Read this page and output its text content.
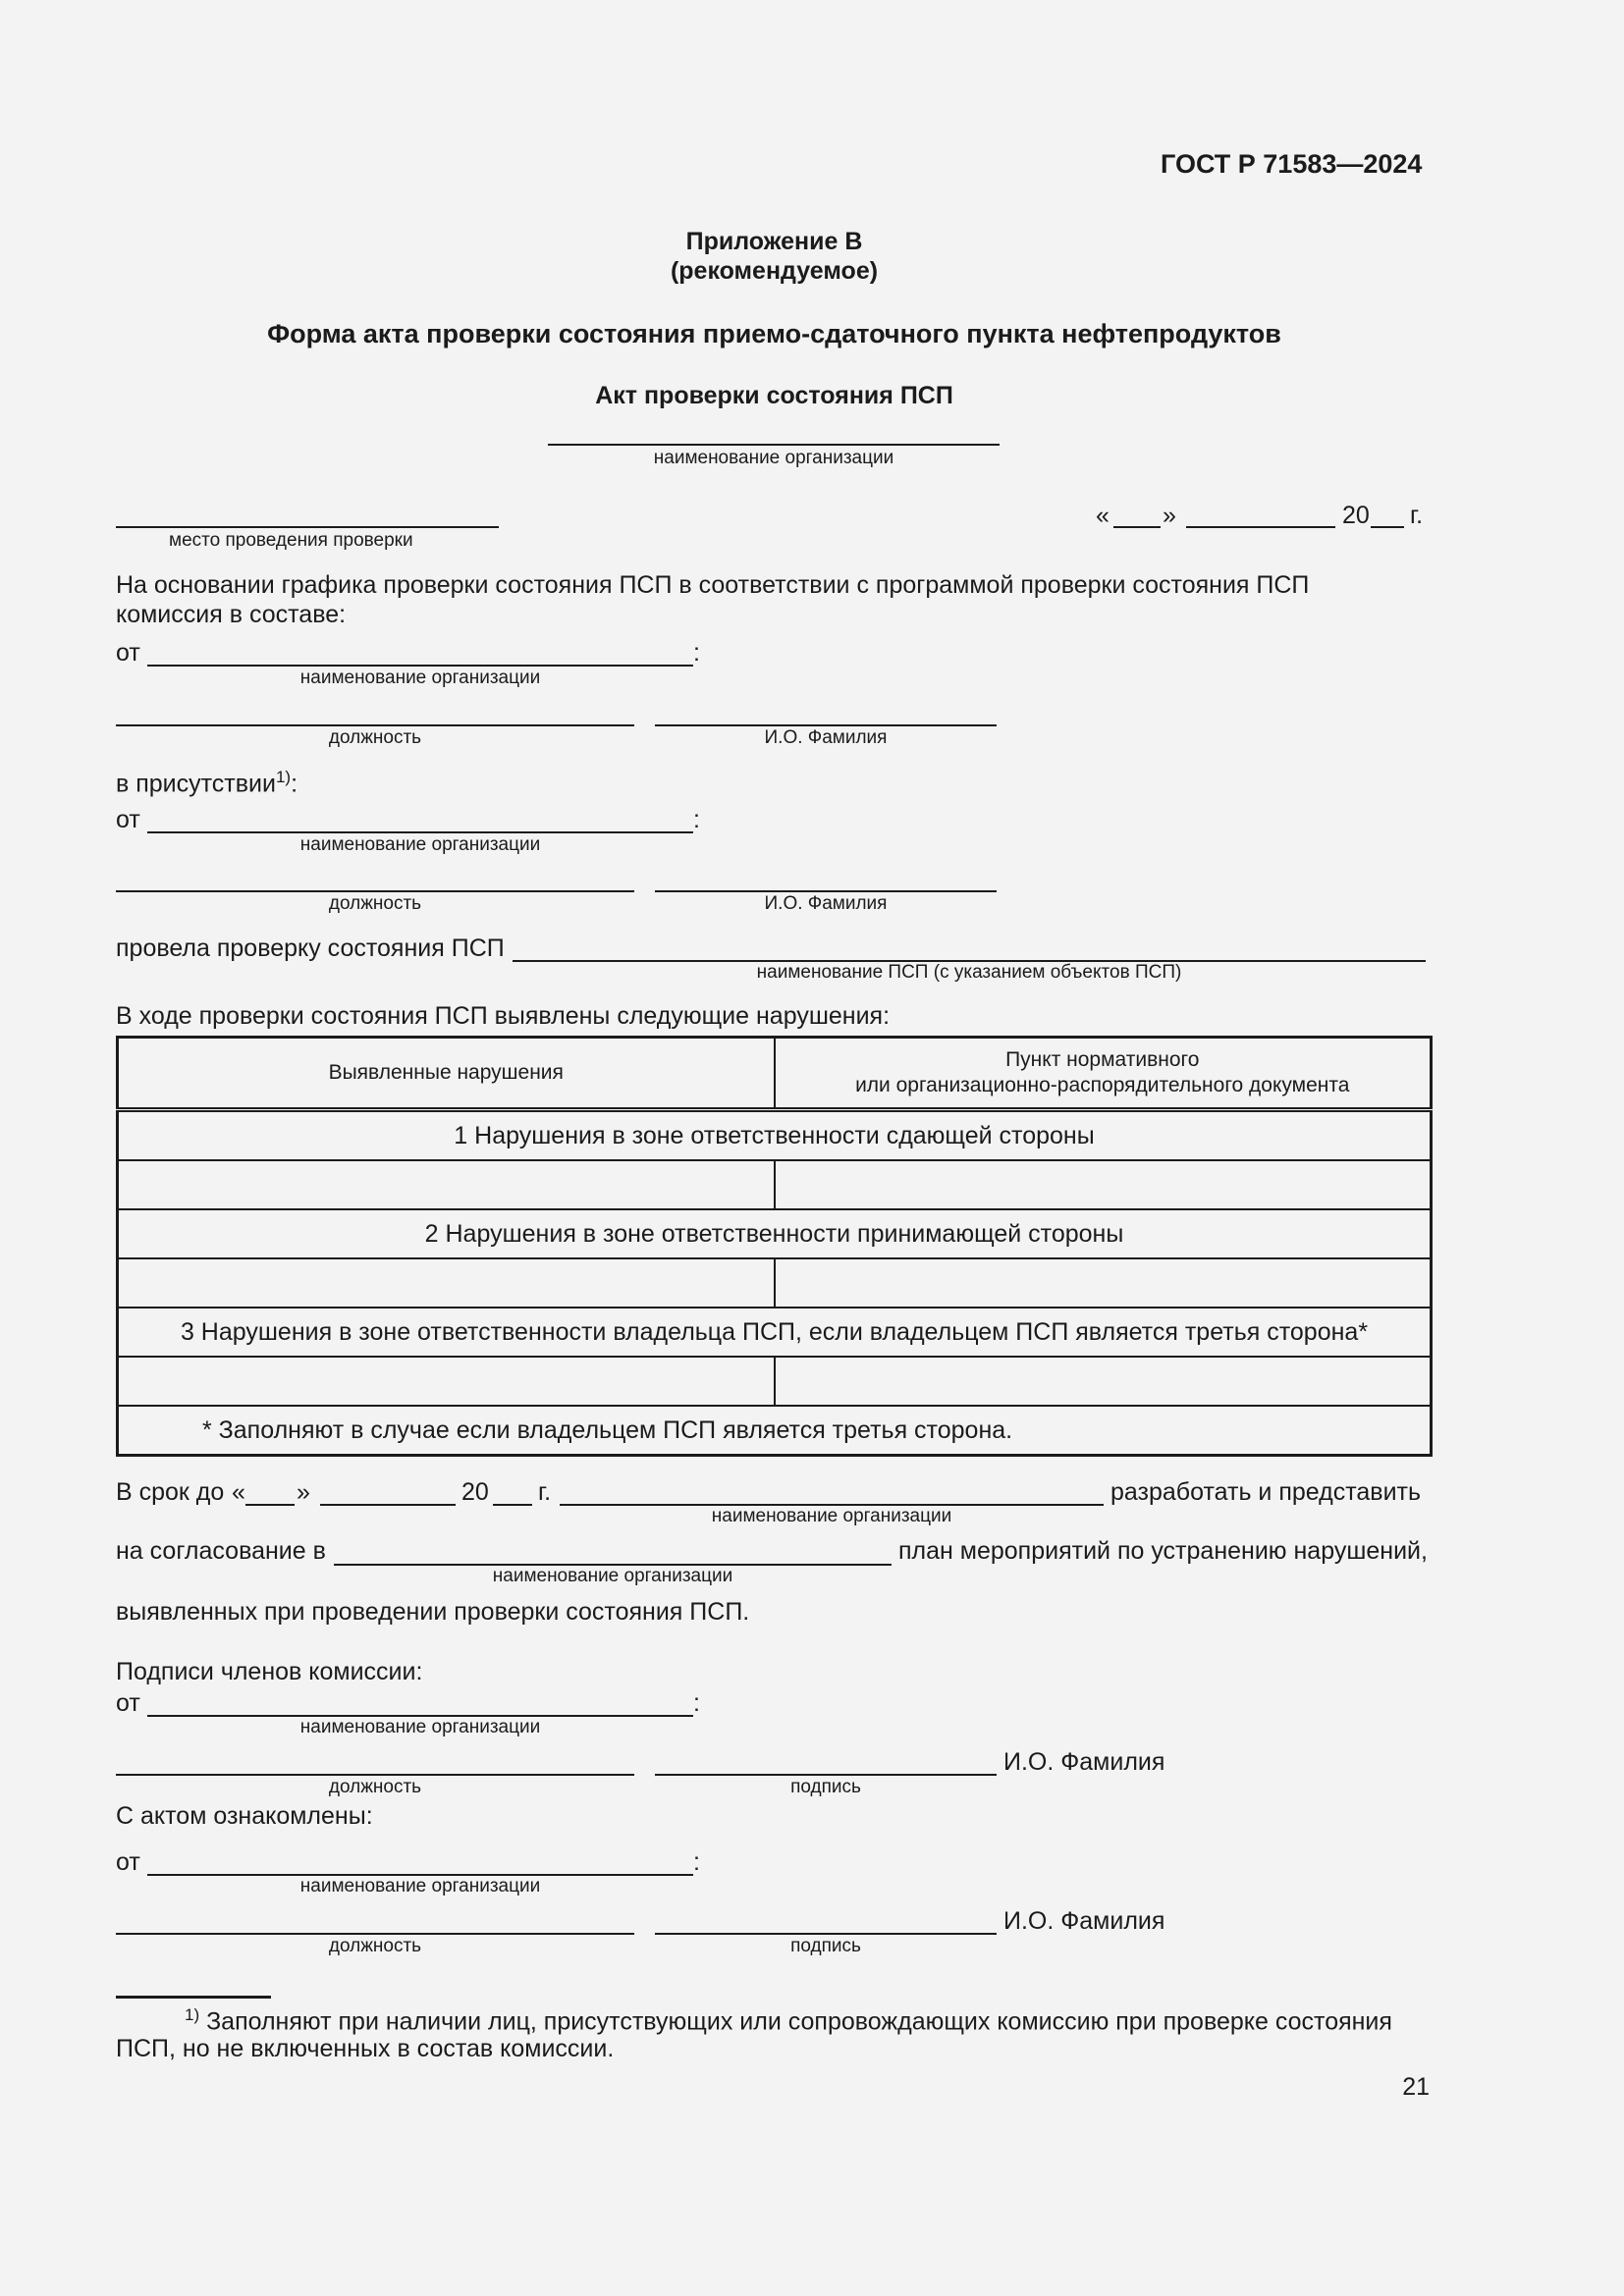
ГОСТ Р 71583—2024
Приложение В
(рекомендуемое)
Форма акта проверки состояния приемо-сдаточного пункта нефтепродуктов
Акт проверки состояния ПСП
наименование организации
место проведения проверки
« »	20 г.
На основании графика проверки состояния ПСП в соответствии с программой проверки состояния ПСП
комиссия в составе:
от	:
наименование организации
должность	И.О. Фамилия
в присутствии$^{1)}$:
от	:
наименование организации
должность	И.О. Фамилия
провела проверку состояния ПСП
наименование ПСП (с указанием объектов ПСП)
В ходе проверки состояния ПСП выявлены следующие нарушения:
Выявленные нарушения	Пункт нормативного
или организационно-распорядительного документа
1 Нарушения в зоне ответственности сдающей стороны	

2 Нарушения в зоне ответственности принимающей стороны	

3 Нарушения в зоне ответственности владельца ПСП, если владельцем ПСП является третья сторона*	

* Заполняют в случае если владельцем ПСП является третья сторона.	
В срок до « »	20 г.
наименование организации
разработать и представить
на согласование в
наименование организации
план мероприятий по устранению нарушений,
выявленных при проведении проверки состояния ПСП.
Подписи членов комиссии:
от	:
наименование организации
должность	подпись
И.О. Фамилия
С актом ознакомлены:
от	:
наименование организации
должность	подпись
И.О. Фамилия
$^{1)}$ Заполняют при наличии лиц, присутствующих или сопровождающих комиссию при проверке состояния
ПСП, но не включенных в состав комиссии.
21
